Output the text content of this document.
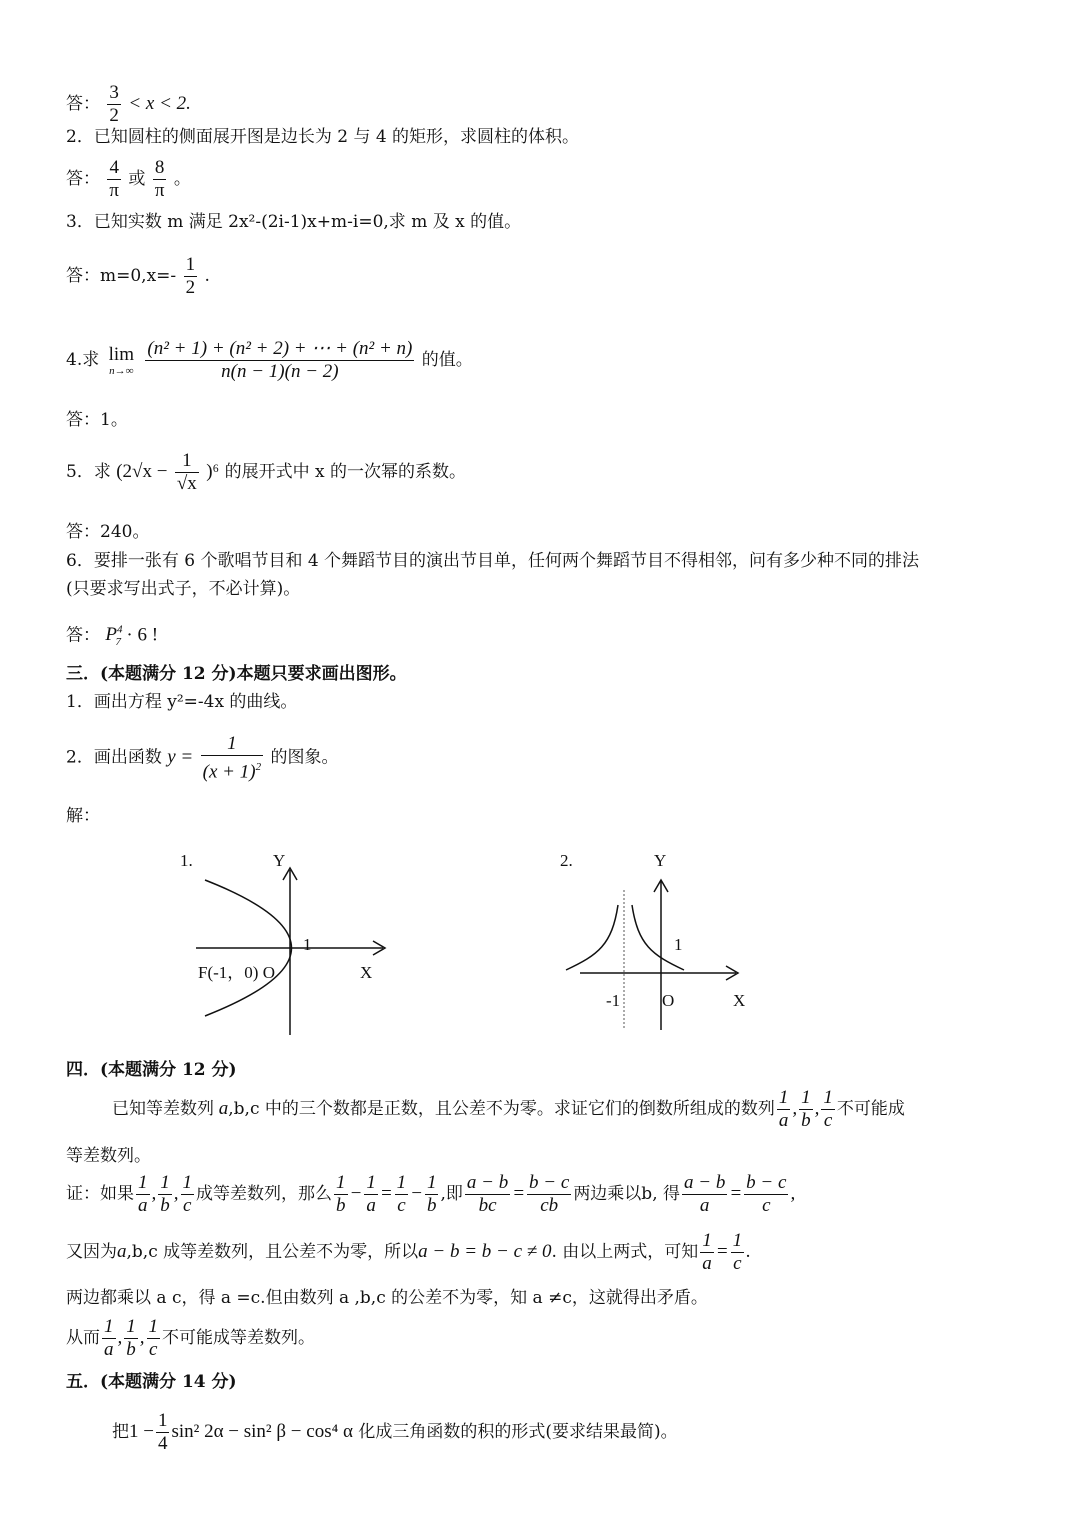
答： $\frac{3}{2} < x < 2$.
2．已知圆柱的侧面展开图是边长为 2 与 4 的矩形，求圆柱的体积。
答： $\frac{4}{\pi}$ 或 $\frac{8}{\pi}$ 。
3．已知实数 m 满足 2x²-(2i-1)x+m-i=0,求 m 及 x 的值。
答：$m=0,x=- \frac{1}{2}$ .
4.求 lim
n→∞
$\frac{\text{(n² + 1) + (n² + 2) + ⋯ + (n² + n)}}{n(n - 1)(n - 2)}$ 的值。
答：1。
5．求 $(2√x - \frac{1}{√x} )^6$ 的展开式中 x 的一次幂的系数。
答：240。
6．要排一张有 6 个歌唱节目和 4 个舞蹈节目的演出节目单，任何两个舞蹈节目不得相邻，问有多少种不同的排法
(只要求写出式子，不必计算)。
答： $P^4_7 \cdot 6$ !
三．(本题满分 12 分)本题只要求画出图形。
1．画出方程 y²=-4x 的曲线。
2．画出函数 $y = \frac{1}{(x + 1)^2}$ 的图象。
解：
1.	Y
1
F(-1，0) O	X
2.	Y
1
-1 O	X
四．(本题满分 12 分)
已知等差数列 a,b,c 中的三个数都是正数，且公差不为零。求证它们的倒数所组成的数列 $\frac{1}{a}$ , $\frac{1}{b}$ , $\frac{1}{c}$ 不可能成
等差数列。
证：如果 $\frac{1}{a}$ , $\frac{1}{b}$ , $\frac{1}{c}$ 成等差数列，那么 $\frac{1}{b} - \frac{1}{a} = \frac{1}{c} - \frac{1}{b}$ ,即 $\frac{a - b}{bc} = \frac{b - c}{cb}$ 两边乘以b, 得 $\frac{a - b}{a} = \frac{b - c}{c}$ ,
又因为a,b,c 成等差数列，且公差不为零，所以a − b = b − c ≠ 0. 由以上两式，可知 $\frac{1}{a} = \frac{1}{c}$ .
两边都乘以 a c，得 a =c.但由数列 a ,b,c 的公差不为零，知 a ≠c，这就得出矛盾。
从而 $\frac{1}{a}$ , $\frac{1}{b}$ , $\frac{1}{c}$ 不可能成等差数列。
五．(本题满分 14 分)
把$1 - \frac{1}{4} \sin^2$ 2α − sin² β − cos⁴ α 化成三角函数的积的形式(要求结果最简)。
